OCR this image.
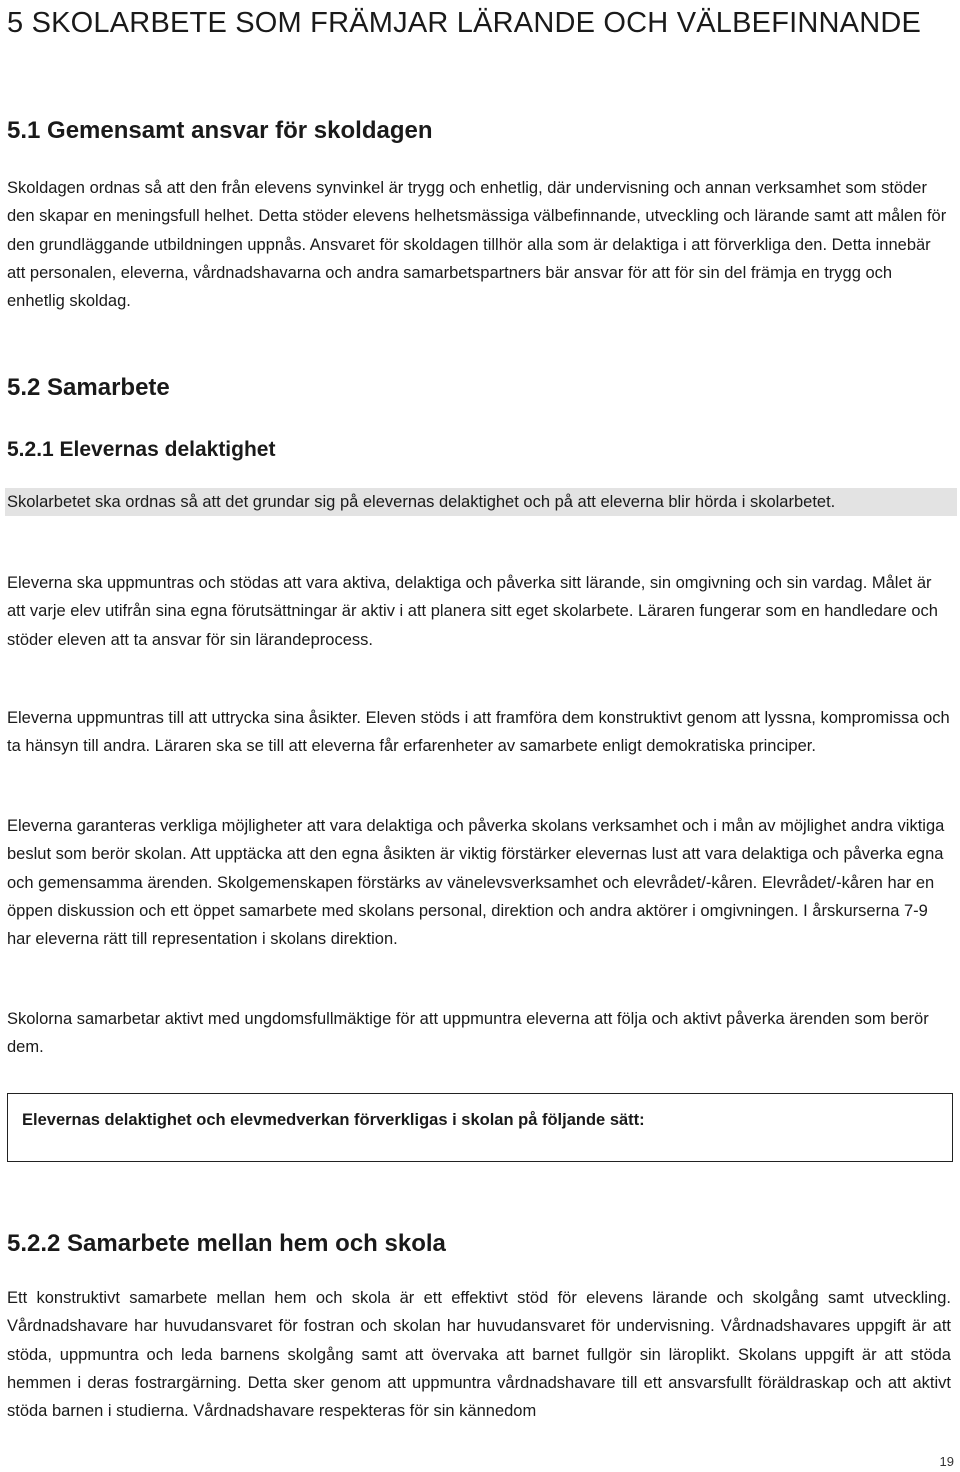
5 SKOLARBETE SOM FRÄMJAR LÄRANDE OCH VÄLBEFINNANDE
5.1 Gemensamt ansvar för skoldagen

Skoldagen ordnas så att den från elevens synvinkel är trygg och enhetlig, där undervisning och annan verksamhet som stöder den skapar en meningsfull helhet. Detta stöder elevens helhetsmässiga välbefinnande, utveckling och lärande samt att målen för den grundläggande utbildningen uppnås. Ansvaret för skoldagen tillhör alla som är delaktiga i att förverkliga den. Detta innebär att personalen, eleverna, vårdnadshavarna och andra samarbetspartners bär ansvar för att för sin del främja en trygg och enhetlig skoldag.

5.2 Samarbete
5.2.1 Elevernas delaktighet

Skolarbetet ska ordnas så att det grundar sig på elevernas delaktighet och på att eleverna blir hörda i skolarbetet.

Eleverna ska uppmuntras och stödas att vara aktiva, delaktiga och påverka sitt lärande, sin omgivning och sin vardag. Målet är att varje elev utifrån sina egna förutsättningar är aktiv i att planera sitt eget skolarbete. Läraren fungerar som en handledare och stöder eleven att ta ansvar för sin lärandeprocess.

Eleverna uppmuntras till att uttrycka sina åsikter. Eleven stöds i att framföra dem konstruktivt genom att lyssna, kompromissa och ta hänsyn till andra. Läraren ska se till att eleverna får erfarenheter av samarbete enligt demokratiska principer.

Eleverna garanteras verkliga möjligheter att vara delaktiga och påverka skolans verksamhet och i mån av möjlighet andra viktiga beslut som berör skolan. Att upptäcka att den egna åsikten är viktig förstärker elevernas lust att vara delaktiga och påverka egna och gemensamma ärenden. Skolgemenskapen förstärks av vänelevsverksamhet och elevrådet/-kåren. Elevrådet/-kåren har en öppen diskussion och ett öppet samarbete med skolans personal, direktion och andra aktörer i omgivningen. I årskurserna 7-9 har eleverna rätt till representation i skolans direktion.

Skolorna samarbetar aktivt med ungdomsfullmäktige för att uppmuntra eleverna att följa och aktivt påverka ärenden som berör dem.

Elevernas delaktighet och elevmedverkan förverkligas i skolan på följande sätt:
5.2.2 Samarbete mellan hem och skola

Ett konstruktivt samarbete mellan hem och skola är ett effektivt stöd för elevens lärande och skolgång samt utveckling. Vårdnadshavare har huvudansvaret för fostran och skolan har huvudansvaret för undervisning. Vårdnadshavares uppgift är att stöda, uppmuntra och leda barnens skolgång samt att övervaka att barnet fullgör sin läroplikt. Skolans uppgift är att stöda hemmen i deras fostrargärning. Detta sker genom att uppmuntra vårdnadshavare till ett ansvarsfullt föräldraskap och att aktivt stöda barnen i studierna. Vårdnadshavare respekteras för sin kännedom

19
